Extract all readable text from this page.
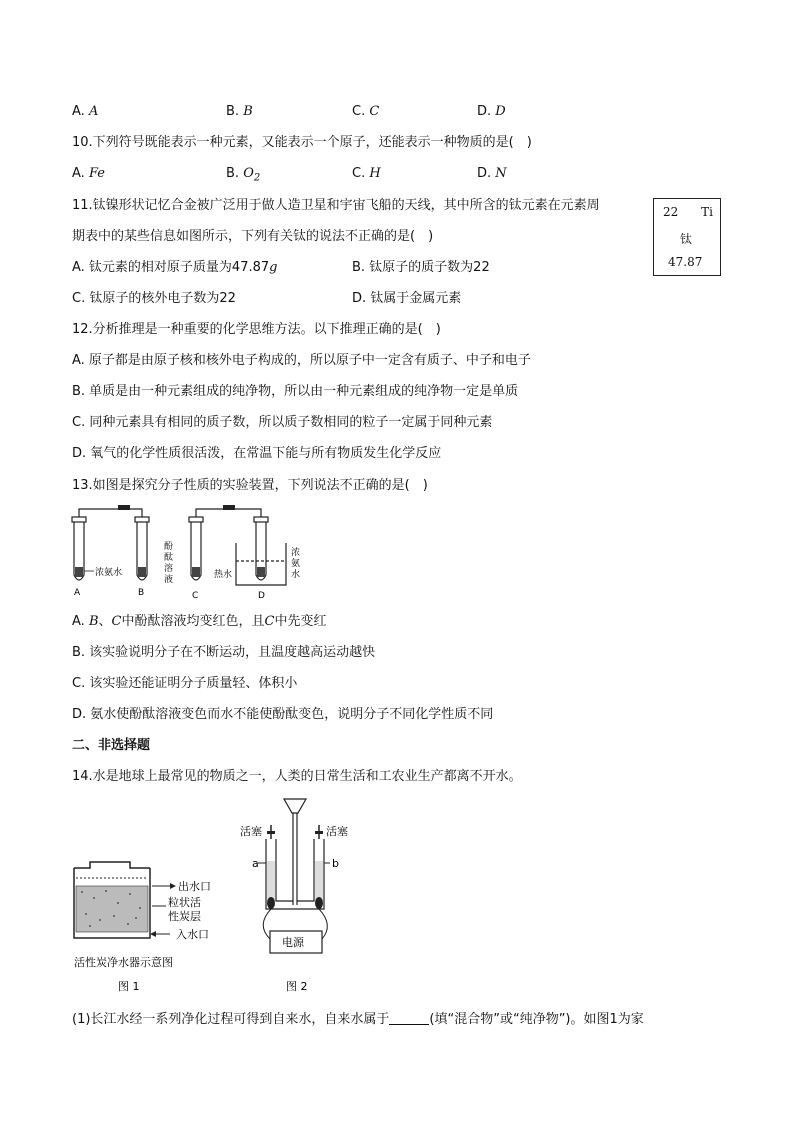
A. A	B. B	C. C	D. D
10.下列符号既能表示一种元素，又能表示一个原子，还能表示一种物质的是(　)
A. Fe	B. $O_2$	C. H	D. N
11.钛镍形状记忆合金被广泛用于做人造卫星和宇宙飞船的天线，其中所含的钛元素在元素周
期表中的某些信息如图所示，下列有关钛的说法不正确的是(　)
A. 钛元素的相对原子质量为47.87g	B. 钛原子的质子数为22
C. 钛原子的核外电子数为22	D. 钛属于金属元素
22 Ti
钛
47.87
12.分析推理是一种重要的化学思维方法。以下推理正确的是(　)
A. 原子都是由原子核和核外电子构成的，所以原子中一定含有质子、中子和电子
B. 单质是由一种元素组成的纯净物，所以由一种元素组成的纯净物一定是单质
C. 同种元素具有相同的质子数，所以质子数相同的粒子一定属于同种元素
D. 氧气的化学性质很活泼，在常温下能与所有物质发生化学反应
13.如图是探究分子性质的实验装置，下列说法不正确的是(　)
浓氨水
酚
酞
溶
液	热水
浓
氨
水
A	B	C	D
A. B、C中酚酞溶液均变红色，且C中先变红
B. 该实验说明分子在不断运动，且温度越高运动越快
C. 该实验还能证明分子质量轻、体积小
D. 氨水使酚酞溶液变色而水不能使酚酞变色，说明分子不同化学性质不同
二、非选择题
14.水是地球上最常见的物质之一，人类的日常生活和工农业生产都离不开水。
出水口
粒状活
性炭层
入水口
活性炭净水器示意图
图 1
活塞	活塞
a	b
电源
图 2
(1)长江水经一系列净化过程可得到自来水，自来水属于	(填“混合物”或“纯净物”)。如图1为家
